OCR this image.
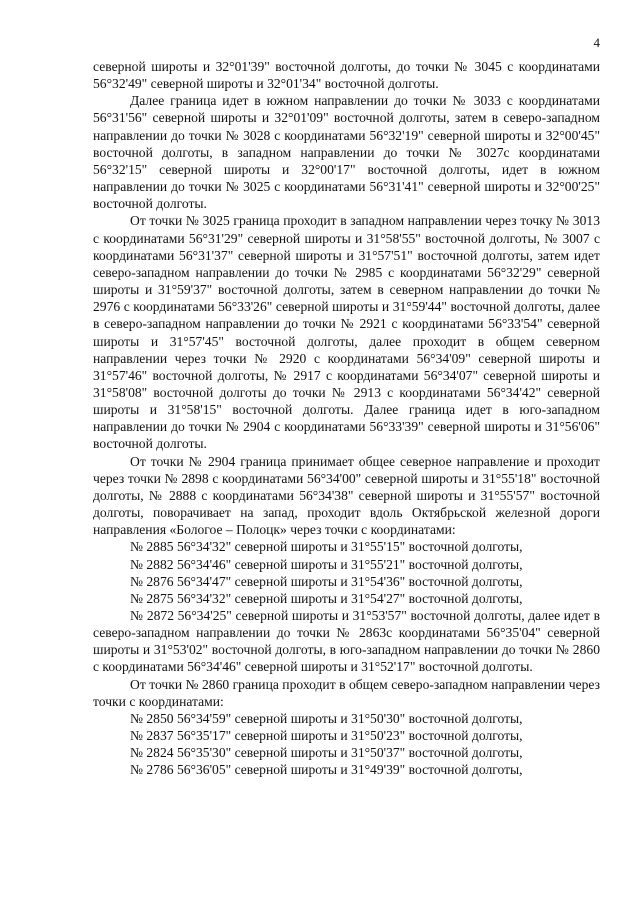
4

северной широты и 32°01'39" восточной долготы, до точки № 3045 с координатами 56°32'49" северной широты и 32°01'34" восточной долготы.

Далее граница идет в южном направлении до точки № 3033 с координатами 56°31'56" северной широты и 32°01'09" восточной долготы, затем в северо-западном направлении до точки № 3028 с координатами 56°32'19" северной широты и 32°00'45" восточной долготы, в западном направлении до точки № 3027с координатами 56°32'15" северной широты и 32°00'17" восточной долготы, идет в южном направлении до точки № 3025 с координатами 56°31'41" северной широты и 32°00'25" восточной долготы.

От точки № 3025 граница проходит в западном направлении через точку № 3013 с координатами 56°31'29" северной широты и 31°58'55" восточной долготы, № 3007 с координатами 56°31'37" северной широты и 31°57'51" восточной долготы, затем идет северо-западном направлении до точки № 2985 с координатами 56°32'29" северной широты и 31°59'37" восточной долготы, затем в северном направлении до точки № 2976 с координатами 56°33'26" северной широты и 31°59'44" восточной долготы, далее в северо-западном направлении до точки № 2921 с координатами 56°33'54" северной широты и 31°57'45" восточной долготы, далее проходит в общем северном направлении через точки № 2920 с координатами 56°34'09" северной широты и 31°57'46" восточной долготы, № 2917 с координатами 56°34'07" северной широты и 31°58'08" восточной долготы до точки № 2913 с координатами 56°34'42" северной широты и 31°58'15" восточной долготы. Далее граница идет в юго-западном направлении до точки № 2904 с координатами 56°33'39" северной широты и 31°56'06" восточной долготы.

От точки № 2904 граница принимает общее северное направление и проходит через точки № 2898 с координатами 56°34'00" северной широты и 31°55'18" восточной долготы, № 2888 с координатами 56°34'38" северной широты и 31°55'57" восточной долготы, поворачивает на запад, проходит вдоль Октябрьской железной дороги направления «Бологое – Полоцк» через точки с координатами:

№ 2885 56°34'32" северной широты и 31°55'15" восточной долготы,

№ 2882 56°34'46" северной широты и 31°55'21" восточной долготы,

№ 2876 56°34'47" северной широты и 31°54'36" восточной долготы,

№ 2875 56°34'32" северной широты и 31°54'27" восточной долготы,

№ 2872 56°34'25" северной широты и 31°53'57" восточной долготы, далее идет в северо-западном направлении до точки № 2863с координатами 56°35'04" северной широты и 31°53'02" восточной долготы, в юго-западном направлении до точки № 2860 с координатами 56°34'46" северной широты и 31°52'17" восточной долготы.

От точки № 2860 граница проходит в общем северо-западном направлении через точки с координатами:

№ 2850 56°34'59" северной широты и 31°50'30" восточной долготы,

№ 2837 56°35'17" северной широты и 31°50'23" восточной долготы,

№ 2824 56°35'30" северной широты и 31°50'37" восточной долготы,

№ 2786 56°36'05" северной широты и 31°49'39" восточной долготы,
